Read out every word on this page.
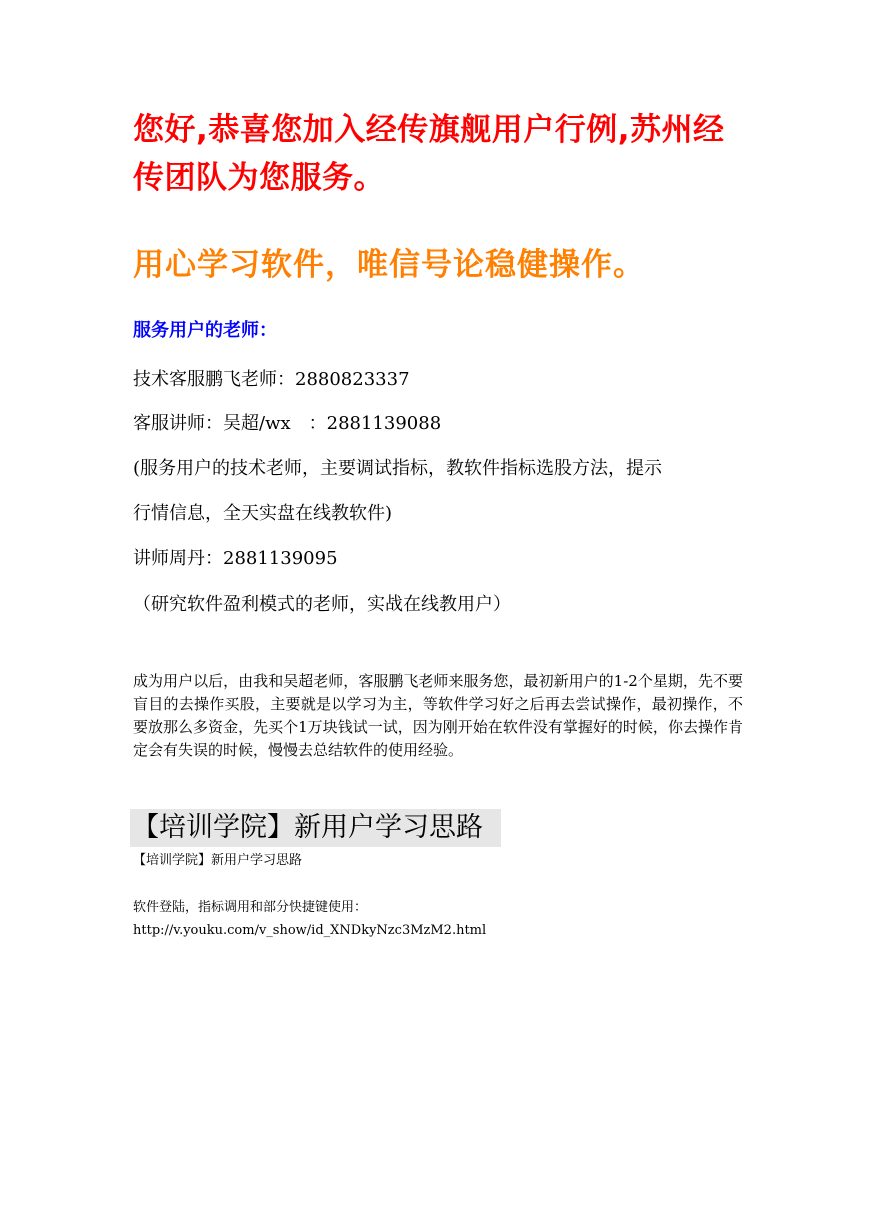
您好,恭喜您加入经传旗舰用户行例,苏州经
传团队为您服务。
用心学习软件，唯信号论稳健操作。
服务用户的老师：
技术客服鹏飞老师：2880823337
客服讲师：吴超/wx　：2881139088
(服务用户的技术老师，主要调试指标，教软件指标选股方法，提示
行情信息，全天实盘在线教软件)
讲师周丹：2881139095
（研究软件盈利模式的老师，实战在线教用户）

成为用户以后，由我和吴超老师，客服鹏飞老师来服务您，最初新用户的1-2个星期，先不要盲目的去操作买股，主要就是以学习为主，等软件学习好之后再去尝试操作，最初操作，不要放那么多资金，先买个1万块钱试一试，因为刚开始在软件没有掌握好的时候，你去操作肯定会有失误的时候，慢慢去总结软件的使用经验。

【培训学院】新用户学习思路
【培训学院】新用户学习思路
软件登陆，指标调用和部分快捷键使用：
http://v.youku.com/v_show/id_XNDkyNzc3MzM2.html
